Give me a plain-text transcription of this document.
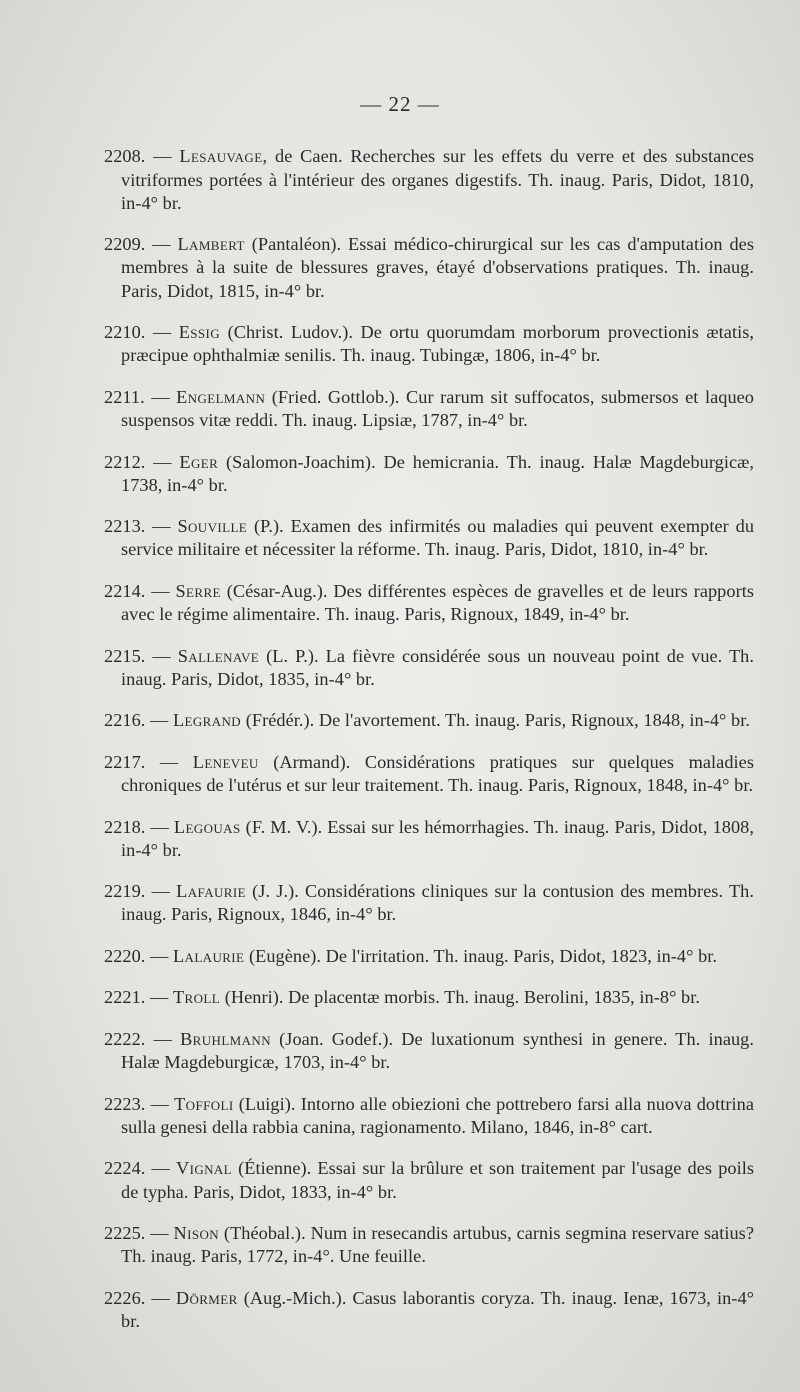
— 22 —

2208. — Lesauvage, de Caen. Recherches sur les effets du verre et des substances vitriformes portées à l'intérieur des organes digestifs. Th. inaug. Paris, Didot, 1810, in-4° br.

2209. — Lambert (Pantaléon). Essai médico-chirurgical sur les cas d'amputation des membres à la suite de blessures graves, étayé d'observations pratiques. Th. inaug. Paris, Didot, 1815, in-4° br.

2210. — Essig (Christ. Ludov.). De ortu quorumdam morborum provectionis ætatis, præcipue ophthalmiæ senilis. Th. inaug. Tubingæ, 1806, in-4° br.

2211. — Engelmann (Fried. Gottlob.). Cur rarum sit suffocatos, submersos et laqueo suspensos vitæ reddi. Th. inaug. Lipsiæ, 1787, in-4° br.

2212. — Eger (Salomon-Joachim). De hemicrania. Th. inaug. Halæ Magdeburgicæ, 1738, in-4° br.

2213. — Souville (P.). Examen des infirmités ou maladies qui peuvent exempter du service militaire et nécessiter la réforme. Th. inaug. Paris, Didot, 1810, in-4° br.

2214. — Serre (César-Aug.). Des différentes espèces de gravelles et de leurs rapports avec le régime alimentaire. Th. inaug. Paris, Rignoux, 1849, in-4° br.

2215. — Sallenave (L. P.). La fièvre considérée sous un nouveau point de vue. Th. inaug. Paris, Didot, 1835, in-4° br.

2216. — Legrand (Frédér.). De l'avortement. Th. inaug. Paris, Rignoux, 1848, in-4° br.

2217. — Leneveu (Armand). Considérations pratiques sur quelques maladies chroniques de l'utérus et sur leur traitement. Th. inaug. Paris, Rignoux, 1848, in-4° br.

2218. — Legouas (F. M. V.). Essai sur les hémorrhagies. Th. inaug. Paris, Didot, 1808, in-4° br.

2219. — Lafaurie (J. J.). Considérations cliniques sur la contusion des membres. Th. inaug. Paris, Rignoux, 1846, in-4° br.

2220. — Lalaurie (Eugène). De l'irritation. Th. inaug. Paris, Didot, 1823, in-4° br.

2221. — Troll (Henri). De placentæ morbis. Th. inaug. Berolini, 1835, in-8° br.

2222. — Bruhlmann (Joan. Godef.). De luxationum synthesi in genere. Th. inaug. Halæ Magdeburgicæ, 1703, in-4° br.

2223. — Toffoli (Luigi). Intorno alle obiezioni che pottrebero farsi alla nuova dottrina sulla genesi della rabbia canina, ragionamento. Milano, 1846, in-8° cart.

2224. — Vignal (Étienne). Essai sur la brûlure et son traitement par l'usage des poils de typha. Paris, Didot, 1833, in-4° br.

2225. — Nison (Théobal.). Num in resecandis artubus, carnis segmina reservare satius? Th. inaug. Paris, 1772, in-4°. Une feuille.

2226. — Dörmer (Aug.-Mich.). Casus laborantis coryza. Th. inaug. Ienæ, 1673, in-4° br.
